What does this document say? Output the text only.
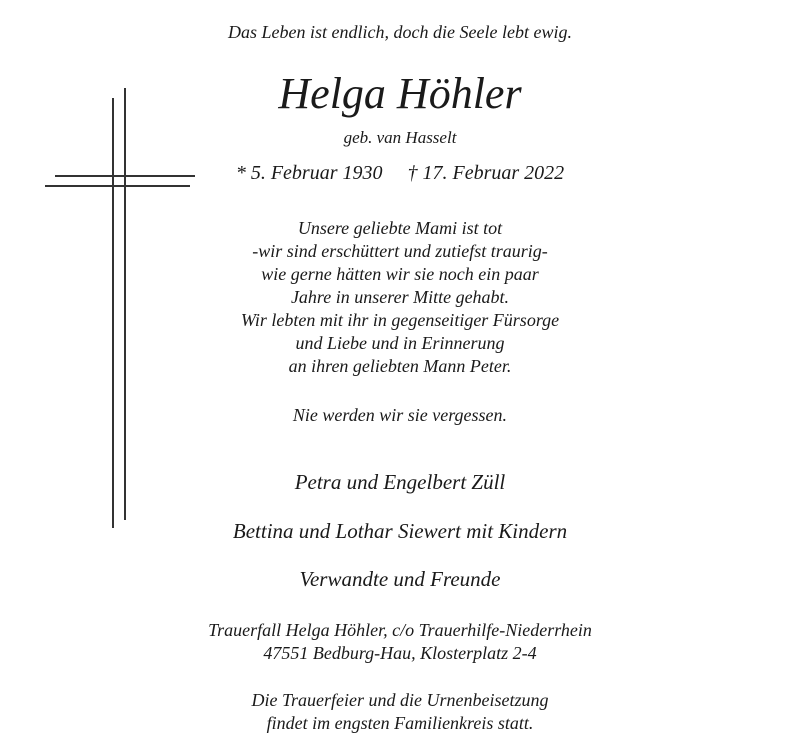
Das Leben ist endlich, doch die Seele lebt ewig.
Helga Höhler
geb. van Hasselt
* 5. Februar 1930 † 17. Februar 2022
Unsere geliebte Mami ist tot
-wir sind erschüttert und zutiefst traurig-
wie gerne hätten wir sie noch ein paar
Jahre in unserer Mitte gehabt.
Wir lebten mit ihr in gegenseitiger Fürsorge
und Liebe und in Erinnerung
an ihren geliebten Mann Peter.
Nie werden wir sie vergessen.
Petra und Engelbert Züll
Bettina und Lothar Siewert mit Kindern
Verwandte und Freunde
Trauerfall Helga Höhler, c/o Trauerhilfe-Niederrhein
47551 Bedburg-Hau, Klosterplatz 2-4
Die Trauerfeier und die Urnenbeisetzung
findet im engsten Familienkreis statt.
